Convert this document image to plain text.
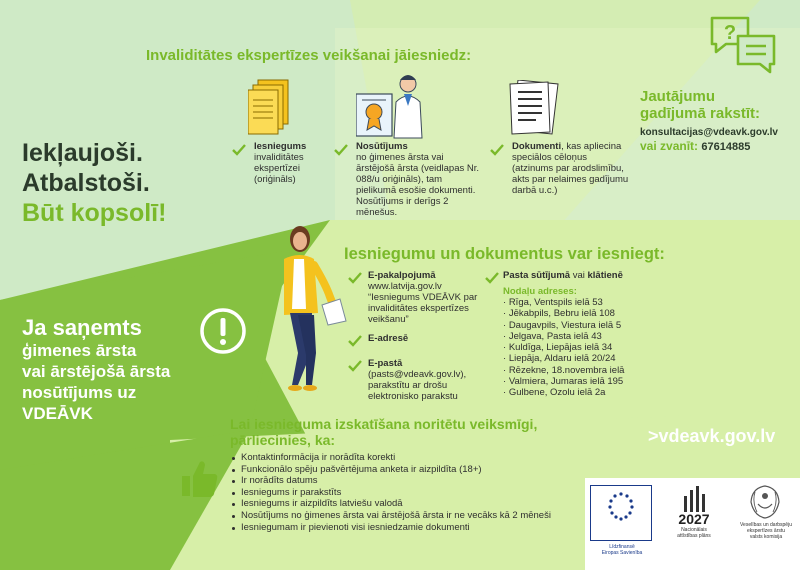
Invaliditātes ekspertīzes veikšanai jāiesniedz:
Iekļaujoši.
Atbalstoši.
Būt kopsolī!
Iesniegums
invaliditātes ekspertīzei (oriģināls)
Nosūtījums
no ģimenes ārsta vai ārstējošā ārsta (veidlapas Nr. 088/u oriģināls), tam pielikumā esošie dokumenti. Nosūtījums ir derīgs 2 mēnešus.
Dokumenti, kas apliecina speciālos cēloņus (atzinums par arodslimību, akts par nelaimes gadījumu darbā u.c.)
?
Jautājumu
gadījumā rakstīt:
konsultacijas@vdeavk.gov.lv
vai zvanīt: 67614885
Iesniegumu un dokumentus var iesniegt:
E-pakalpojumā
www.latvija.gov.lv “Iesniegums VDEĀVK par invaliditātes ekspertīzes veikšanu”
E-adresē
E-pastā
(pasts@vdeavk.gov.lv), parakstītu ar drošu elektronisko parakstu
Pasta sūtījumā vai klātienē
Nodaļu adreses:
· Rīga, Ventspils ielā 53
· Jēkabpils, Bebru ielā 108
· Daugavpils, Viestura ielā 5
· Jelgava, Pasta ielā 43
· Kuldīga, Liepājas ielā 34
· Liepāja, Aldaru ielā 20/24
· Rēzekne, 18.novembra ielā
· Valmiera, Jumaras ielā 195
· Gulbene, Ozolu ielā 2a
Ja saņemts
ģimenes ārsta
vai ārstējošā ārsta
nosūtījums uz
VDEĀVK
Lai iesnieguma izskatīšana noritētu veiksmīgi,
pārliecinies, ka:
Kontaktinformācija ir norādīta korekti
Funkcionālo spēju pašvērtējuma anketa ir aizpildīta (18+)
Ir norādīts datums
Iesniegums ir parakstīts
Iesniegums ir aizpildīts latviešu valodā
Nosūtījums no ģimenes ārsta vai ārstējošā ārsta ir ne vecāks kā 2 mēneši
Iesniegumam ir pievienoti visi iesniedzamie dokumenti
>vdeavk.gov.lv
Līdzfinansē
Eiropas Savienība
2027
Nacionālais
attīstības plāns
Veselības un darbspēju
ekspertīzes ārstu
valsts komisija
